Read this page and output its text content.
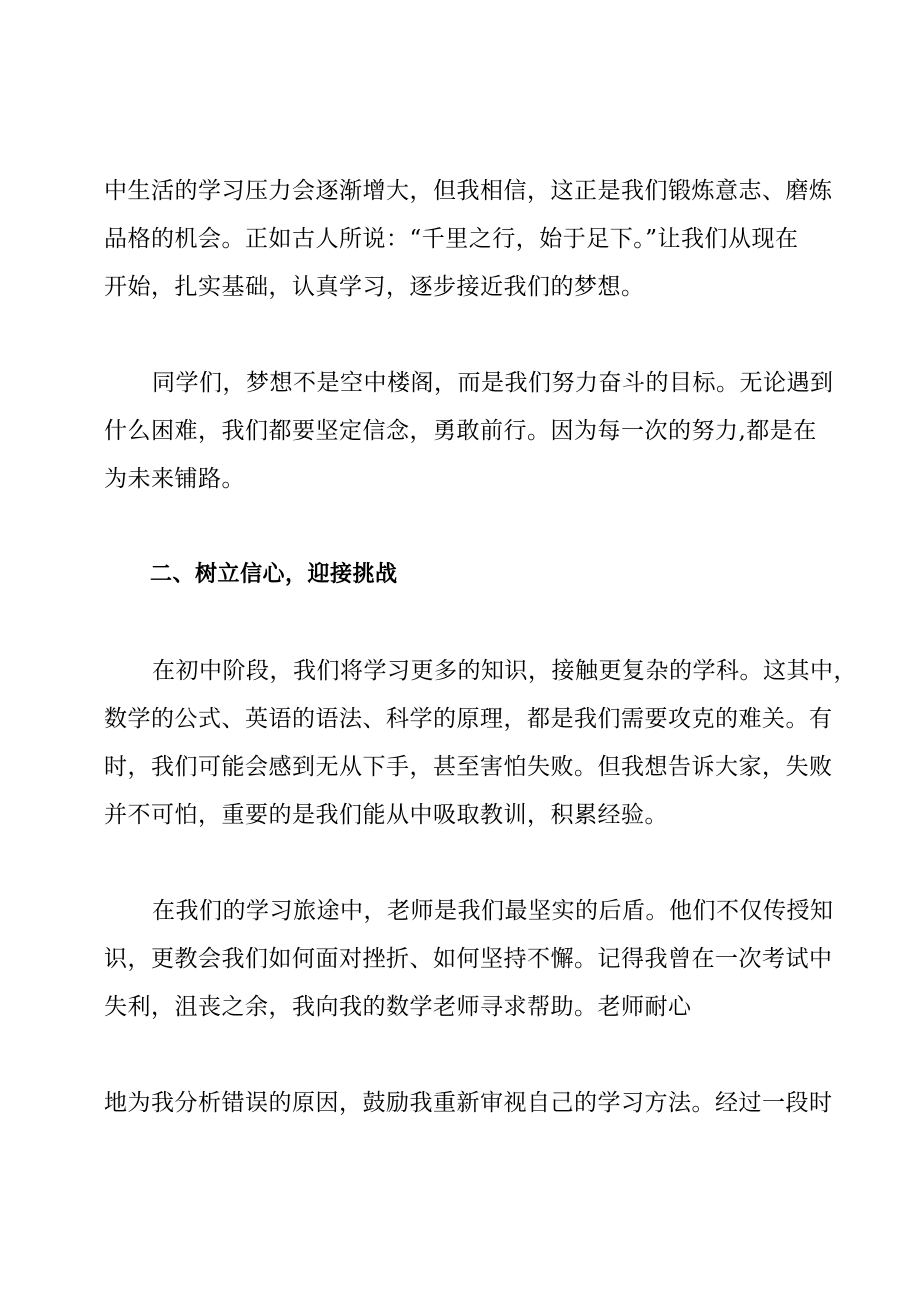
中生活的学习压力会逐渐增大，但我相信，这正是我们锻炼意志、磨炼
品格的机会。正如古人所说：“千里之行，始于足下。”让我们从现在
开始，扎实基础，认真学习，逐步接近我们的梦想。
同学们，梦想不是空中楼阁，而是我们努力奋斗的目标。无论遇到
什么困难，我们都要坚定信念，勇敢前行。因为每一次的努力,都是在
为未来铺路。
二、树立信心，迎接挑战
在初中阶段，我们将学习更多的知识，接触更复杂的学科。这其中，
数学的公式、英语的语法、科学的原理，都是我们需要攻克的难关。有
时，我们可能会感到无从下手，甚至害怕失败。但我想告诉大家，失败
并不可怕，重要的是我们能从中吸取教训，积累经验。
在我们的学习旅途中，老师是我们最坚实的后盾。他们不仅传授知
识，更教会我们如何面对挫折、如何坚持不懈。记得我曾在一次考试中
失利，沮丧之余，我向我的数学老师寻求帮助。老师耐心
地为我分析错误的原因，鼓励我重新审视自己的学习方法。经过一段时
